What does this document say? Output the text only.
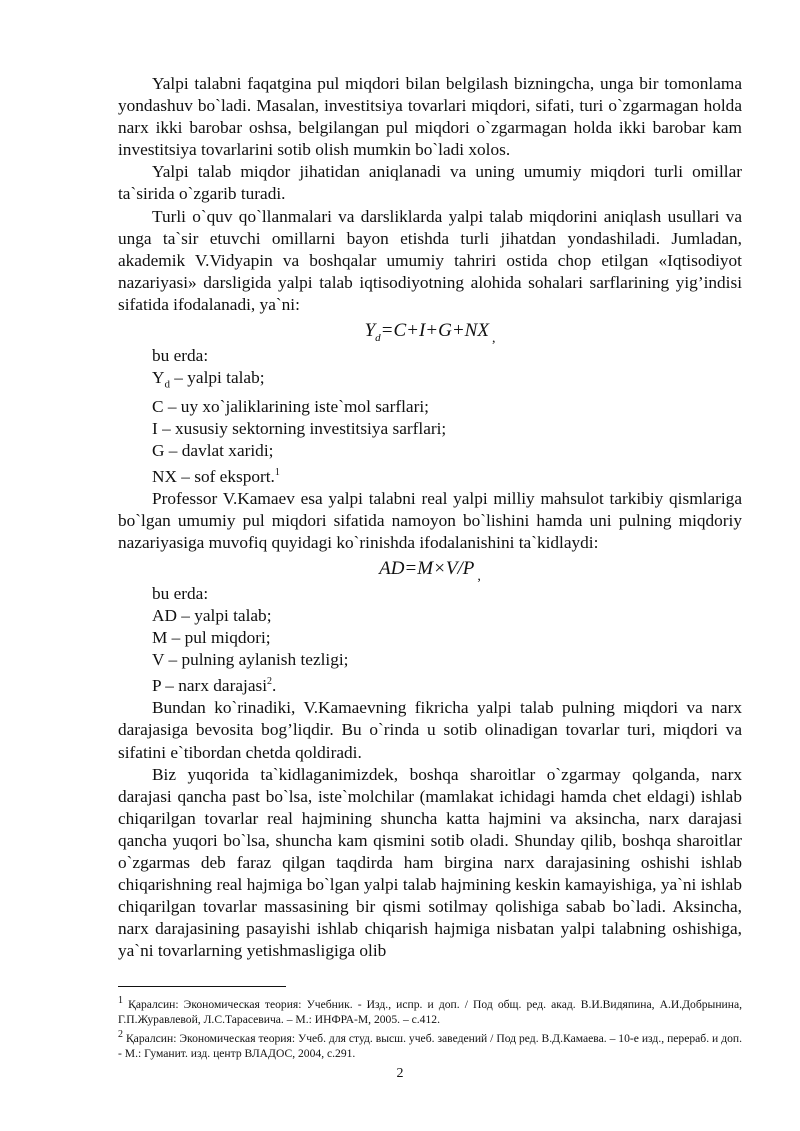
Yalpi talabni faqatgina pul miqdori bilan belgilash bizningcha, unga bir tomonlama yondashuv bo`ladi. Masalan, investitsiya tovarlari miqdori, sifati, turi o`zgarmagan holda narx ikki barobar oshsa, belgilangan pul miqdori o`zgarmagan holda ikki barobar kam investitsiya tovarlarini sotib olish mumkin bo`ladi xolos.

Yalpi talab miqdor jihatidan aniqlanadi va uning umumiy miqdori turli omillar ta`sirida o`zgarib turadi.

Turli o`quv qo`llanmalari va darsliklarda yalpi talab miqdorini aniqlash usullari va unga ta`sir etuvchi omillarni bayon etishda turli jihatdan yondashiladi. Jumladan, akademik V.Vidyapin va boshqalar umumiy tahriri ostida chop etilgan «Iqtisodiyot nazariyasi» darsligida yalpi talab iqtisodiyotning alohida sohalari sarflarining yig’indisi sifatida ifodalanadi, ya`ni:

$Y_d=C+I+G+NX$ $_,$

bu erda:

$Y_d$ – yalpi talab;

C – uy xo`jaliklarining iste`mol sarflari;

I – xususiy sektorning investitsiya sarflari;

G – davlat xaridi;

NX – sof eksport.$^1$

Professor V.Kamaev esa yalpi talabni real yalpi milliy mahsulot tarkibiy qismlariga bo`lgan umumiy pul miqdori sifatida namoyon bo`lishini hamda uni pulning miqdoriy nazariyasiga muvofiq quyidagi ko`rinishda ifodalanishini ta`kidlaydi:

AD=M×V/P $_,$

bu erda:

AD – yalpi talab;

M – pul miqdori;

V – pulning aylanish tezligi;

P – narx darajasi$^2$.

Bundan ko`rinadiki, V.Kamaevning fikricha yalpi talab pulning miqdori va narx darajasiga bevosita bog’liqdir. Bu o`rinda u sotib olinadigan tovarlar turi, miqdori va sifatini e`tibordan chetda qoldiradi.

Biz yuqorida ta`kidlaganimizdek, boshqa sharoitlar o`zgarmay qolganda, narx darajasi qancha past bo`lsa, iste`molchilar (mamlakat ichidagi hamda chet eldagi) ishlab chiqarilgan tovarlar real hajmining shuncha katta hajmini va aksincha, narx darajasi qancha yuqori bo`lsa, shuncha kam qismini sotib oladi. Shunday qilib, boshqa sharoitlar o`zgarmas deb faraz qilgan taqdirda ham birgina narx darajasining oshishi ishlab chiqarishning real hajmiga bo`lgan yalpi talab hajmining keskin kamayishiga, ya`ni ishlab chiqarilgan tovarlar massasining bir qismi sotilmay qolishiga sabab bo`ladi. Aksincha, narx darajasining pasayishi ishlab chiqarish hajmiga nisbatan yalpi talabning oshishiga, ya`ni tovarlarning yetishmasligiga olib

$^1$ Қаралсин: Экономическая теория: Учебник. - Изд., испр. и доп. / Под общ. ред. акад. В.И.Видяпина, А.И.Добрынина, Г.П.Журавлевой, Л.С.Тарасевича. – М.: ИНФРА-М, 2005. – с.412.

$^2$ Қаралсин: Экономическая теория: Учеб. для студ. высш. учеб. заведений / Под ред. В.Д.Камаева. – 10-е изд., перераб. и доп. - М.: Гуманит. изд. центр ВЛАДОС, 2004, с.291.

2
